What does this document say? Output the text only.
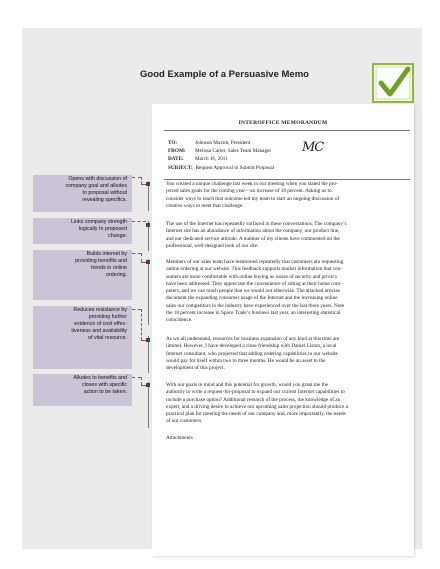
Good Example of a Persuasive Memo
INTEROFFICE MEMORANDUM
TO:	Johnson Maxim, President
FROM: Melissa Carter, Sales Team Manager MC
DATE: March 16, 2011
SUBJECT: Request Approval to Submit Proposal
You created a unique challenge last week in our meeting when you stated the pro-
jected sales goals for the coming year—an increase of 18 percent. Asking us to
consider ways to reach that outcome led my team to start an ongoing discussion of
creative ways to meet that challenge.
The use of the Internet has repeatedly surfaced in these conversations. The company’s
Internet site has an abundance of information about the company, our product line,
and our dedicated service attitude. A number of my clients have commented on the
professional, well-designed look of our site.
Members of our sales team have mentioned repeatedly that customers are requesting
online ordering at our website. This feedback supports market information that con-
sumers are more comfortable with online buying as issues of security and privacy
have been addressed. They appreciate the convenience of sitting at their home com-
puters, and we can reach people that we would not otherwise. The attached articles
document the expanding consumer usage of the Internet and the increasing online
sales our competitors in the industry have experienced over the last three years. Note
the 18 percent increase in Space Trade’s business last year, an interesting statistical
coincidence.
As we all understand, resources for business expansion of any kind at this time are
limited. However, I have developed a close friendship with Daniel Liston, a local
Internet consultant, who projected that adding ordering capabilities to our website
would pay for itself within two to three months. He would be an asset to the
development of this project.
With our goals in mind and this potential for growth, would you grant me the
authority to write a request-for-proposal to expand our current Internet capabilities to
include a purchase option? Additional research of the process, the knowledge of an
expert, and a driving desire to achieve our upcoming sales projection should produce a
practical plan for meeting the needs of our company and, more importantly, the needs
of our customers.
Attachments
Opens with discussion of
company goal and alludes
to proposal without
revealing specifics.
Links company strength
logically to proposed
change.
Builds interest by
providing benefits and
trends in online
ordering.
Reduces resistance by
providing further
evidence of cost effec-
tiveness and availability
of vital resource.
Alludes to benefits and
closes with specific
action to be taken.
